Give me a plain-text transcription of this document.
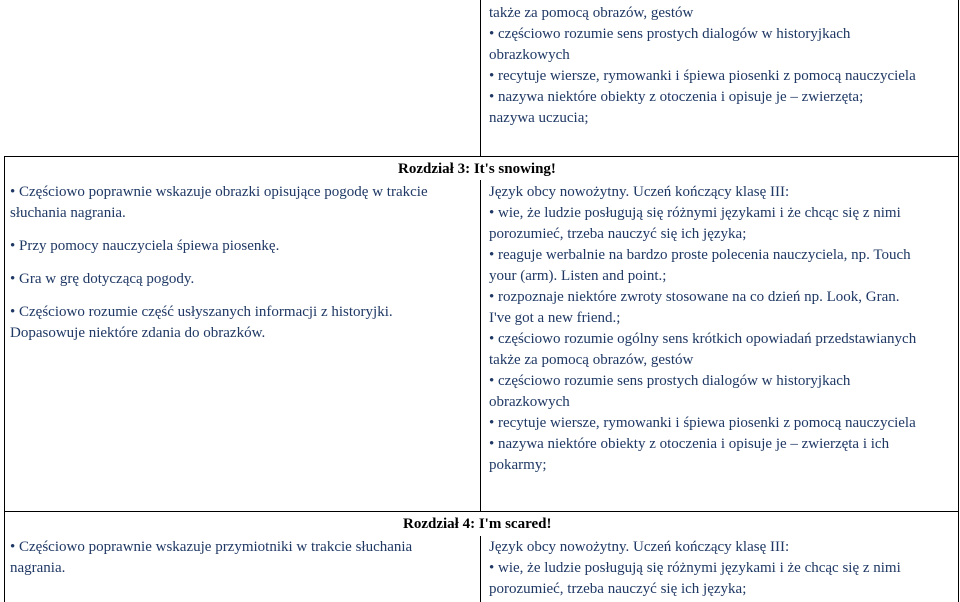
także za pomocą obrazów, gestów
• częściowo rozumie sens prostych dialogów w historyjkach
obrazkowych
• recytuje wiersze, rymowanki i śpiewa piosenki z pomocą nauczyciela
• nazywa niektóre obiekty z otoczenia i opisuje je – zwierzęta;
nazywa uczucia;
Rozdział 3: It's snowing!
• Częściowo poprawnie wskazuje obrazki opisujące pogodę w trakcie
słuchania nagrania.
• Przy pomocy nauczyciela śpiewa piosenkę.
• Gra w grę dotyczącą pogody.
• Częściowo rozumie część usłyszanych informacji z historyjki.
Dopasowuje niektóre zdania do obrazków.
Język obcy nowożytny. Uczeń kończący klasę III:
• wie, że ludzie posługują się różnymi językami i że chcąc się z nimi
porozumieć, trzeba nauczyć się ich języka;
• reaguje werbalnie na bardzo proste polecenia nauczyciela, np. Touch
your (arm). Listen and point.;
• rozpoznaje niektóre zwroty stosowane na co dzień np. Look, Gran.
I've got a new friend.;
• częściowo rozumie ogólny sens krótkich opowiadań przedstawianych
także za pomocą obrazów, gestów
• częściowo rozumie sens prostych dialogów w historyjkach
obrazkowych
• recytuje wiersze, rymowanki i śpiewa piosenki z pomocą nauczyciela
• nazywa niektóre obiekty z otoczenia i opisuje je – zwierzęta i ich
pokarmy;
Rozdział 4: I'm scared!
• Częściowo poprawnie wskazuje przymiotniki w trakcie słuchania
nagrania.
Język obcy nowożytny. Uczeń kończący klasę III:
• wie, że ludzie posługują się różnymi językami i że chcąc się z nimi
porozumieć, trzeba nauczyć się ich języka;
